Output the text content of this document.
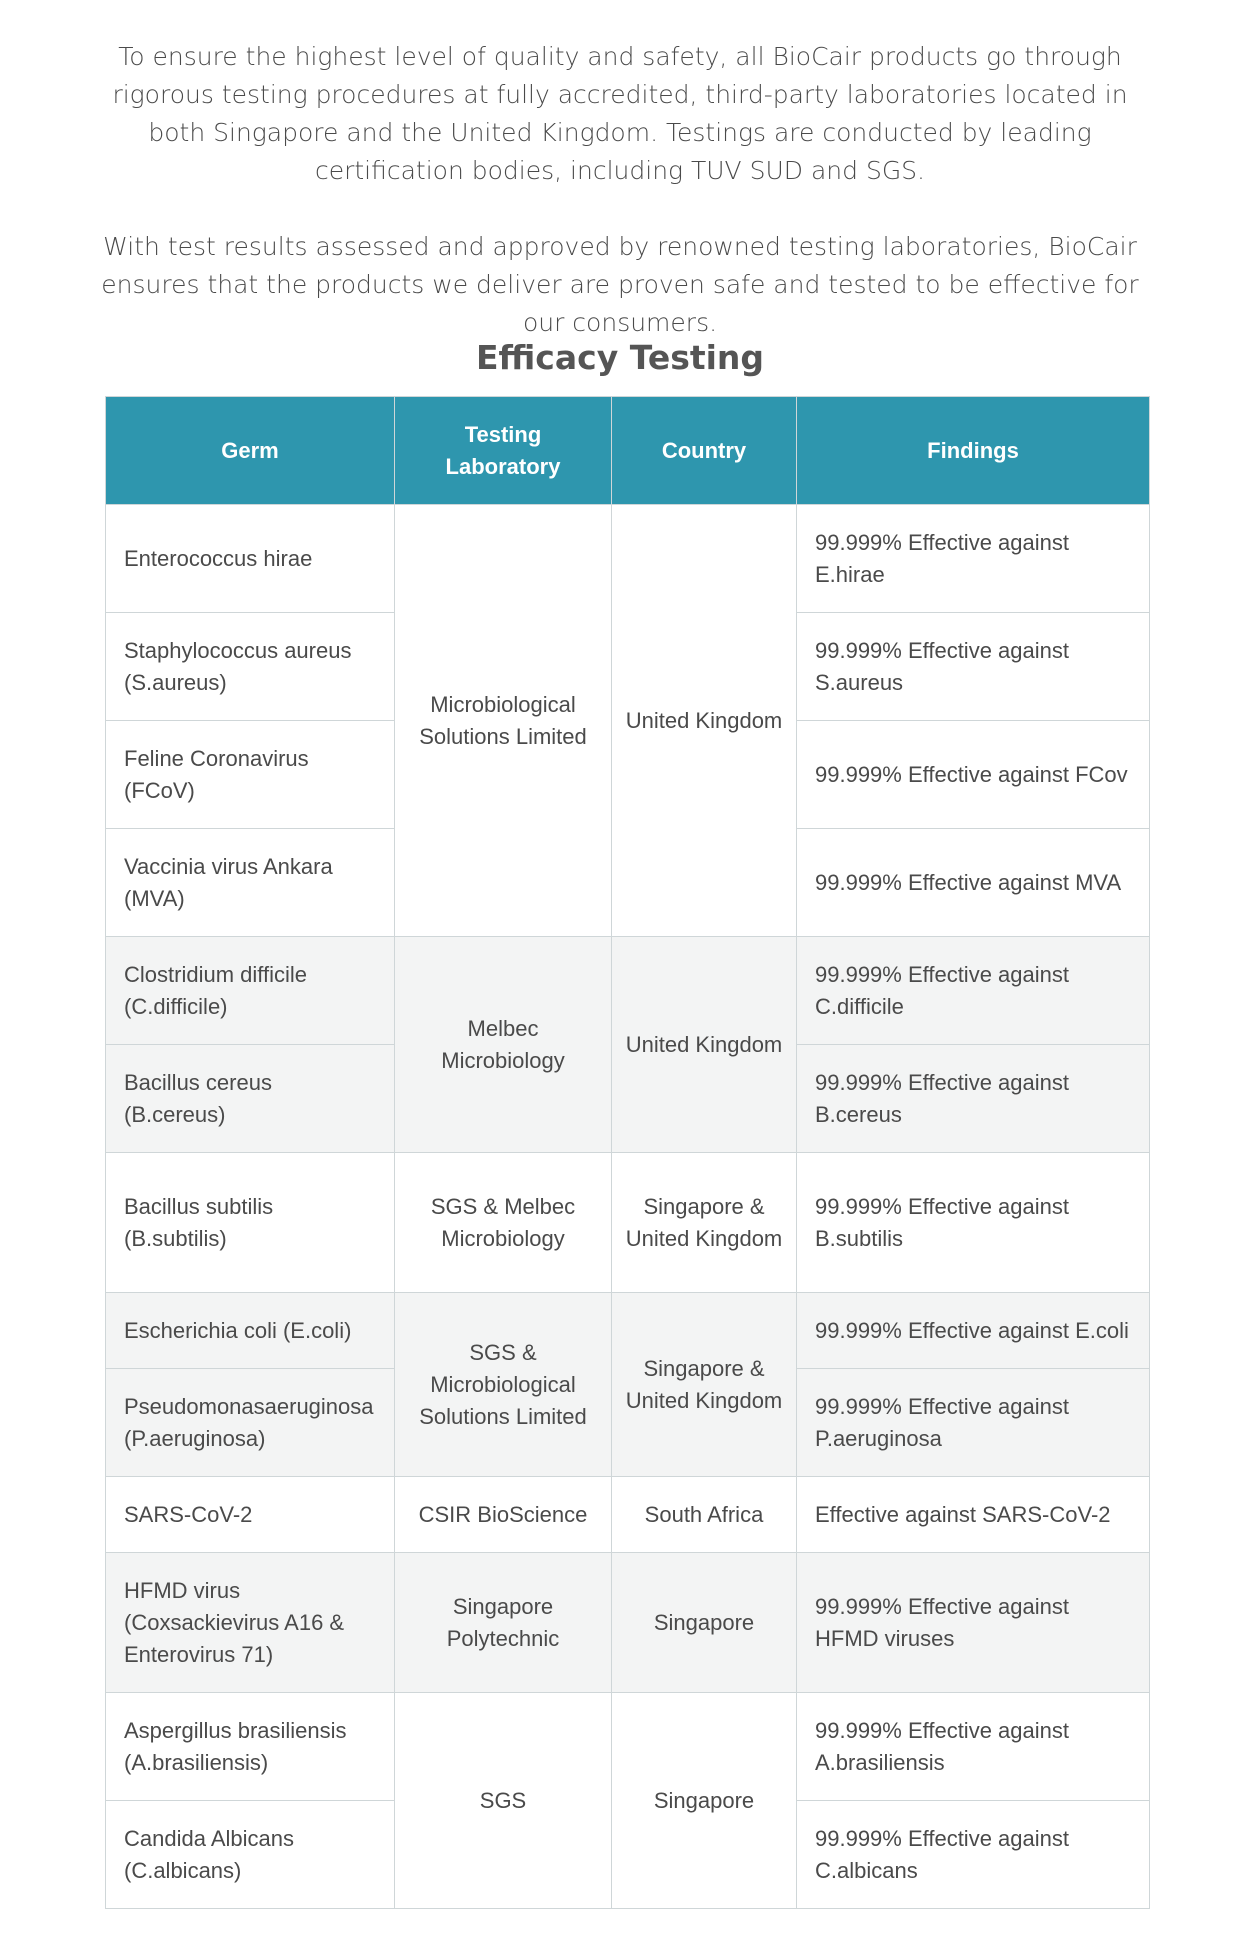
To ensure the highest level of quality and safety, all BioCair products go through rigorous testing procedures at fully accredited, third-party laboratories located in both Singapore and the United Kingdom. Testings are conducted by leading certification bodies, including TUV SUD and SGS.

With test results assessed and approved by renowned testing laboratories, BioCair ensures that the products we deliver are proven safe and tested to be effective for our consumers.

Efficacy Testing
Germ	Testing Laboratory	Country	Findings
Enterococcus hirae	Microbiological Solutions Limited	United Kingdom	99.999% Effective against E.hirae
Staphylococcus aureus (S.aureus)			99.999% Effective against S.aureus
Feline Coronavirus (FCoV)			99.999% Effective against FCov
Vaccinia virus Ankara (MVA)			99.999% Effective against MVA
Clostridium difficile (C.difficile)	Melbec Microbiology	United Kingdom	99.999% Effective against C.difficile
Bacillus cereus (B.cereus)			99.999% Effective against B.cereus
Bacillus subtilis (B.subtilis)	SGS & Melbec Microbiology	Singapore & United Kingdom	99.999% Effective against B.subtilis
Escherichia coli (E.coli)	SGS & Microbiological Solutions Limited	Singapore & United Kingdom	99.999% Effective against E.coli
Pseudomonasaeruginosa (P.aeruginosa)			99.999% Effective against P.aeruginosa
SARS-CoV-2	CSIR BioScience	South Africa	Effective against SARS-CoV-2
HFMD virus (Coxsackievirus A16 & Enterovirus 71)	Singapore Polytechnic	Singapore	99.999% Effective against HFMD viruses
Aspergillus brasiliensis (A.brasiliensis)	SGS	Singapore	99.999% Effective against A.brasiliensis
Candida Albicans (C.albicans)			99.999% Effective against C.albicans
